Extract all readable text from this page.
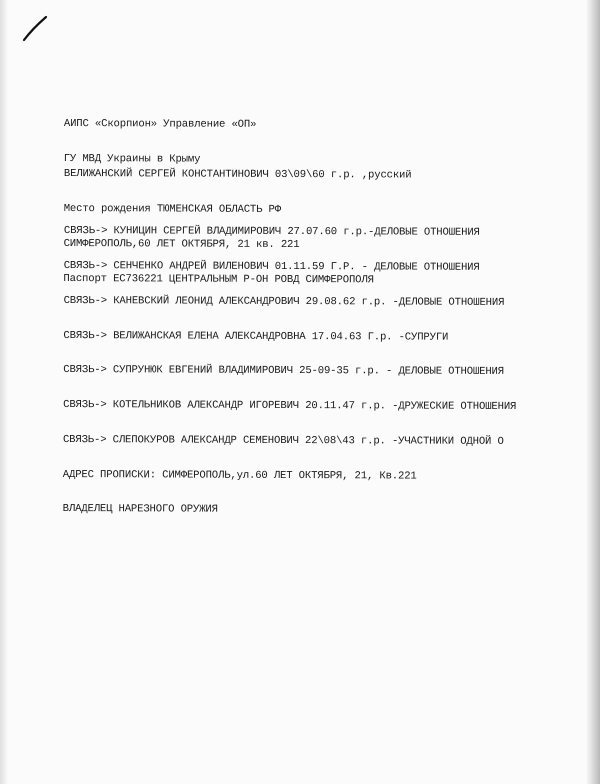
АИПС «Скорпион» Управление «ОП»

ГУ МВД Украины в Крыму

ВЕЛИЖАНСКИЙ СЕРГЕЙ КОНСТАНТИНОВИЧ 03\09\60 г.р. ,русский

Место рождения ТЮМЕНСКАЯ ОБЛАСТЬ РФ

СИМФЕРОПОЛЬ,60 ЛЕТ ОКТЯБРЯ, 21 кв. 221

Паспорт ЕС736221 ЦЕНТРАЛЬНЫМ Р-ОН РОВД СИМФЕРОПОЛЯ

СВЯЗЬ-> КУНИЦИН СЕРГЕЙ ВЛАДИМИРОВИЧ 27.07.60 г.р.-ДЕЛОВЫЕ ОТНОШЕНИЯ

СВЯЗЬ-> СЕНЧЕНКО АНДРЕЙ ВИЛЕНОВИЧ 01.11.59 Г.Р. - ДЕЛОВЫЕ ОТНОШЕНИЯ

СВЯЗЬ-> КАНЕВСКИЙ ЛЕОНИД АЛЕКСАНДРОВИЧ 29.08.62 г.р. -ДЕЛОВЫЕ ОТНОШЕНИЯ

СВЯЗЬ-> ВЕЛИЖАНСКАЯ ЕЛЕНА АЛЕКСАНДРОВНА 17.04.63 Г.р. -СУПРУГИ

СВЯЗЬ-> СУПРУНЮК ЕВГЕНИЙ ВЛАДИМИРОВИЧ 25-09-35 г.р. - ДЕЛОВЫЕ ОТНОШЕНИЯ

СВЯЗЬ-> КОТЕЛЬНИКОВ АЛЕКСАНДР ИГОРЕВИЧ 20.11.47 г.р. -ДРУЖЕСКИЕ ОТНОШЕНИЯ

СВЯЗЬ-> СЛЕПОКУРОВ АЛЕКСАНДР СЕМЕНОВИЧ 22\08\43 г.р. -УЧАСТНИКИ ОДНОЙ О

АДРЕС ПРОПИСКИ: СИМФЕРОПОЛЬ,ул.60 ЛЕТ ОКТЯБРЯ, 21, Кв.221

ВЛАДЕЛЕЦ НАРЕЗНОГО ОРУЖИЯ
